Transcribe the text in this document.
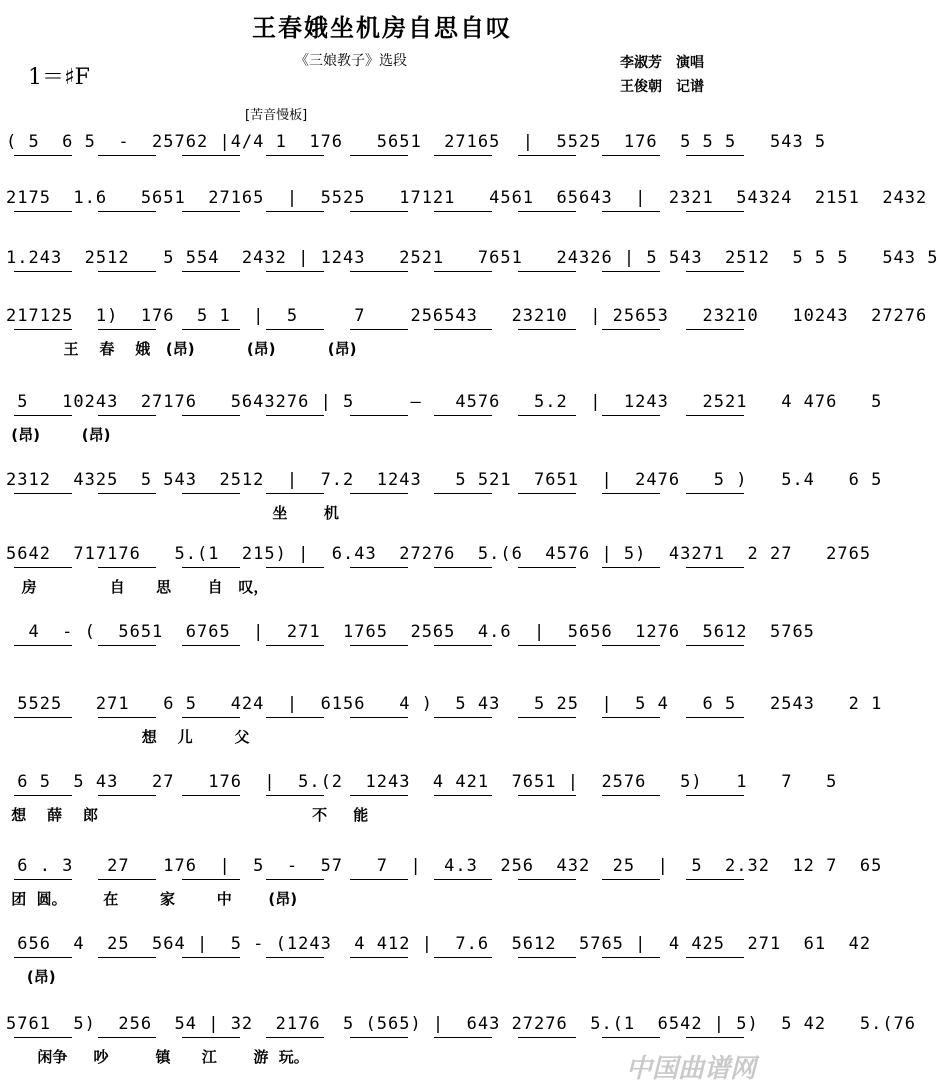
王春娥坐机房自思自叹
1＝♯F
《三娘教子》选段	李淑芳　演唱
王俊朝　记谱
[苦音慢板]
( 5  6 5  -  25762 |4/4 1  176   5651  27165  |  5525  176  5 5 5   543 5
2175  1.6   5651  27165  |  5525   17121   4561  65643  |  2321  54324  2151  2432
1.243  2512   5 554  2432 | 1243   2521   7651   24326 | 5 543  2512  5 5 5   543 5
217125  1)  176  5 1  |  5     7    256543   23210  | 25653   23210   10243  27276
王    春    娥   (昂)          (昂)          (昂)
5   10243  27176   5643276 | 5     —   4576   5.2  |  1243   2521   4 476   5
(昂)        (昂)
2312  4325  5 543  2512  |  7.2  1243   5 521  7651  |  2476   5 )   5.4   6 5
坐       机
5642  717176   5.(1  215) |  6.43  27276  5.(6  4576 | 5)  43271  2 27   2765
房              自      思       自   叹，
4  - (  5651  6765  |  271  1765  2565  4.6  |  5656  1276  5612  5765
5525   271   6 5   424  |  6156   4 )  5 43   5 25  |  5 4   6 5   2543   2 1
想    儿        父
6 5  5 43   27   176  |  5.(2  1243  4 421  7651 |  2576   5)   1   7   5
想    薛    郎                                         不     能
6 . 3   27   176  |  5  -  57   7  |  4.3  256  432  25  |  5  2.32  12 7  65
团  圆。       在        家        中       (昂)
656  4  25  564 |  5 - (1243  4 412 |  7.6  5612  5765 |  4 425  271  61  42
(昂)
5761  5)  256  54 | 32  2176  5 (565) |  643 27276  5.(1  6542 | 5)  5 42   5.(76
闲争     吵         镇      江       游  玩。	中国曲谱网
